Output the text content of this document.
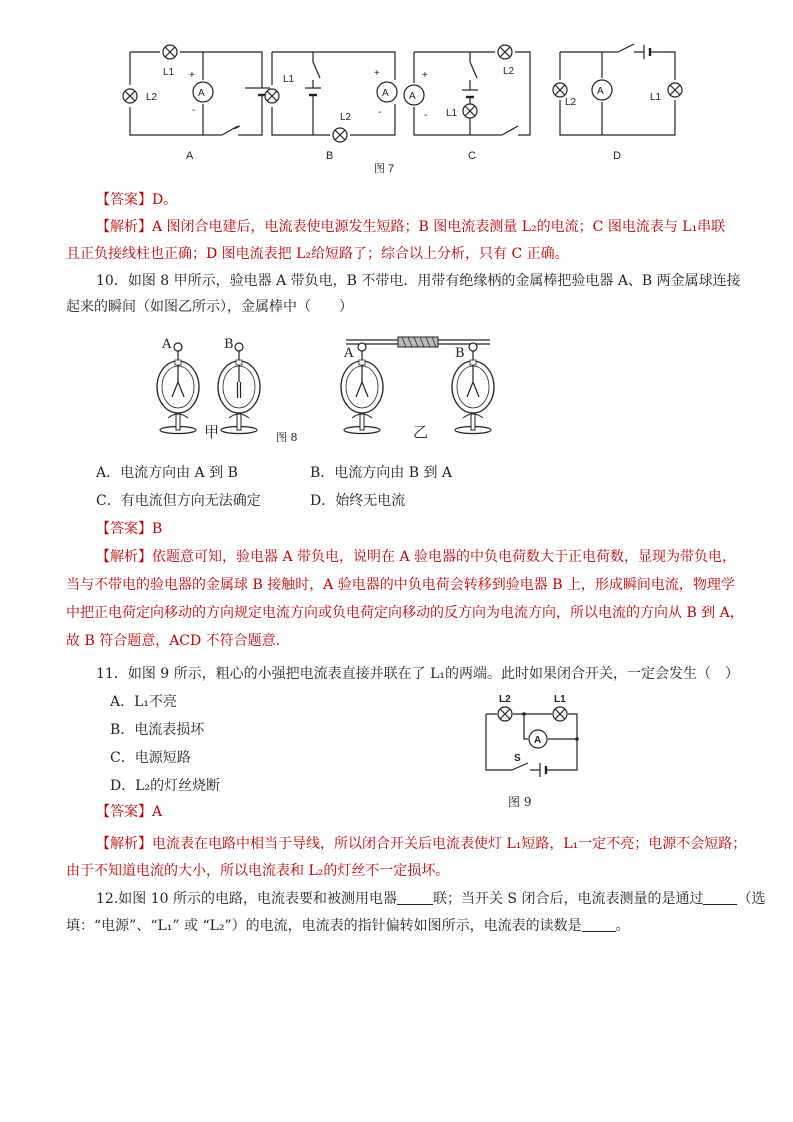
L1
L2	A
+
-
L1
L2
A
+
-
L2
L1
A
+
-
L2
A
L1
A	B	C	D
图 7
【答案】D。
【解析】A 图闭合电建后，电流表使电源发生短路；B 图电流表测量 L₂的电流；C 图电流表与 L₁串联
且正负接线柱也正确；D 图电流表把 L₂给短路了；综合以上分析，只有 C 正确。
10．如图 8 甲所示，验电器 A 带负电，B 不带电．用带有绝缘柄的金属棒把验电器 A、B 两金属球连接
起来的瞬间（如图乙所示），金属棒中（　　）
A	B
A	B
甲	图 8	乙
A．电流方向由 A 到 B	B．电流方向由 B 到 A
C．有电流但方向无法确定	D．始终无电流
【答案】B
【解析】依题意可知，验电器 A 带负电，说明在 A 验电器的中负电荷数大于正电荷数，显现为带负电，
当与不带电的验电器的金属球 B 接触时，A 验电器的中负电荷会转移到验电器 B 上，形成瞬间电流，物理学
中把正电荷定向移动的方向规定电流方向或负电荷定向移动的反方向为电流方向，所以电流的方向从 B 到 A，
故 B 符合题意，ACD 不符合题意.
11．如图 9 所示，粗心的小强把电流表直接并联在了 L₁的两端。此时如果闭合开关，一定会发生（　）
A．L₁不亮
B．电流表损坏
C．电源短路
D．L₂的灯丝烧断
L2	L1
A
S
图 9
【答案】A
【解析】电流表在电路中相当于导线，所以闭合开关后电流表使灯 L₁短路，L₁一定不亮；电源不会短路；
由于不知道电流的大小，所以电流表和 L₂的灯丝不一定损坏。
12.如图 10 所示的电路，电流表要和被测用电器	联；当开关 S 闭合后，电流表测量的是通过 （选
填：“电源”、“L₁” 或 “L₂”）的电流，电流表的指针偏转如图所示，电流表的读数是 。
